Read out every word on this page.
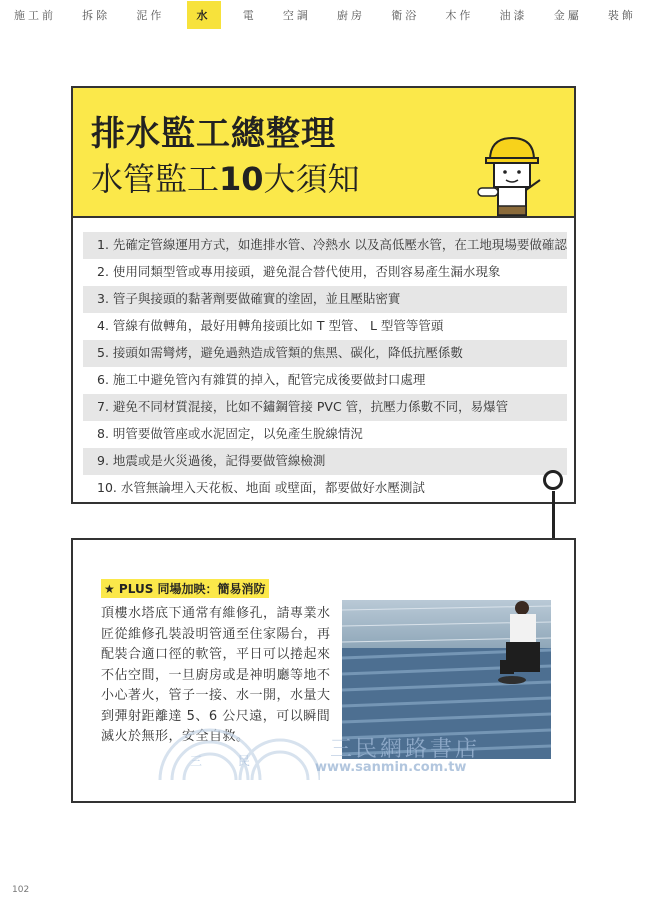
施工前	拆除	泥作	水	電	空調	廚房	衛浴	木作	油漆	金屬	裝飾
排水監工總整理
水管監工10大須知
1. 先確定管線運用方式，如進排水管、冷熱水 以及高低壓水管，在工地現場要做確認
2. 使用同類型管或專用接頭，避免混合替代使用，否則容易產生漏水現象
3. 管子與接頭的黏著劑要做確實的塗固，並且壓貼密實
4. 管線有做轉角，最好用轉角接頭比如 T 型管、 L 型管等管頭
5. 接頭如需彎烤，避免過熱造成管類的焦黑、碳化，降低抗壓係數
6. 施工中避免管內有雜質的掉入，配管完成後要做封口處理
7. 避免不同材質混接，比如不鏽鋼管接 PVC 管，抗壓力係數不同，易爆管
8. 明管要做管座或水泥固定，以免產生脫線情況
9. 地震或是火災過後，記得要做管線檢測
10. 水管無論埋入天花板、地面 或壁面，都要做好水壓測試
★ PLUS 同場加映：簡易消防
頂樓水塔底下通常有維修孔，請專業水匠從維修孔裝設明管通至住家陽台，再配裝合適口徑的軟管，平日可以捲起來不佔空間，一旦廚房或是神明廳等地不小心著火，管子一接、水一開，水量大到彈射距離達 5、6 公尺遠，可以瞬間滅火於無形，安全自救。
三	民	三民網路書店
www.sanmin.com.tw
102
